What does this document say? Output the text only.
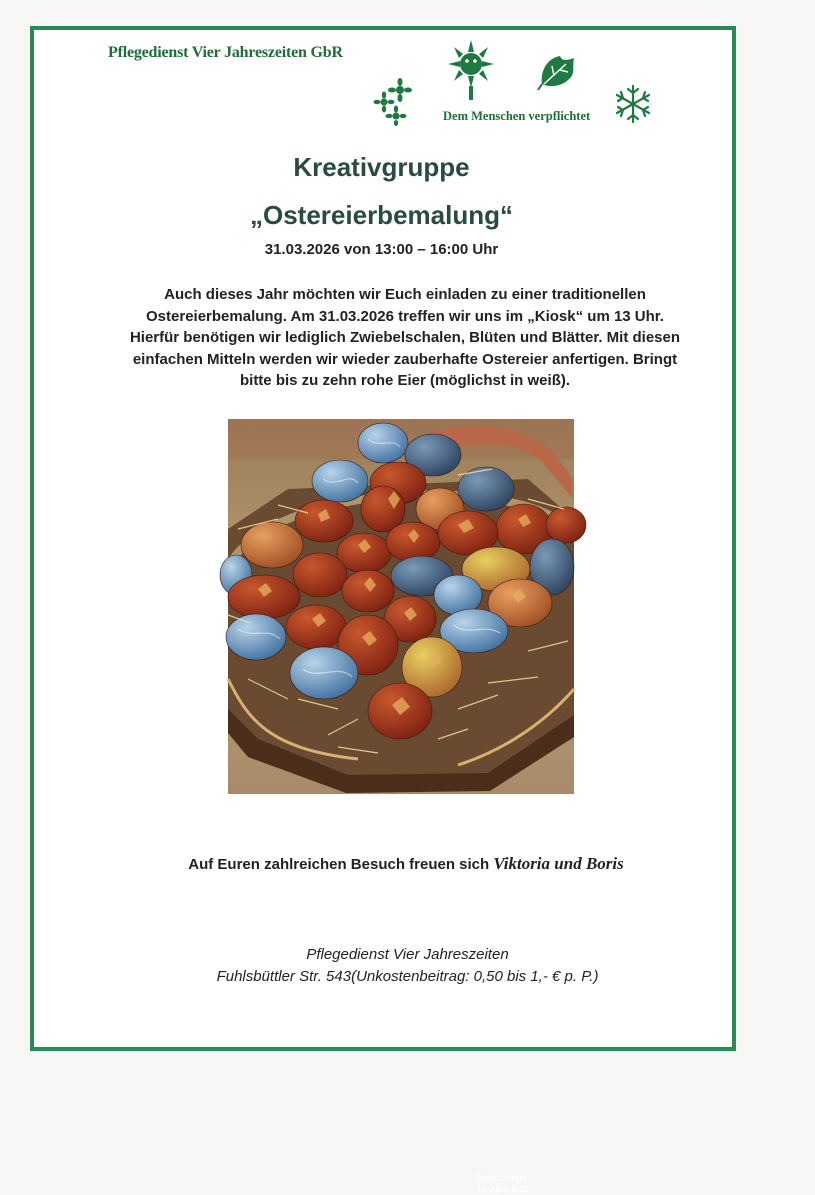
Pflegedienst Vier Jahreszeiten GbR
Dem Menschen verpflichtet
Kreativgruppe
„Ostereierbemalung“
31.03.2026 von 13:00 – 16:00 Uhr
Auch dieses Jahr möchten wir Euch einladen zu einer traditionellen Ostereierbemalung. Am 31.03.2026 treffen wir uns im „Kiosk“ um 13 Uhr. Hierfür benötigen wir lediglich Zwiebelschalen, Blüten und Blätter. Mit diesen einfachen Mitteln werden wir wieder zauberhafte Ostereier anfertigen. Bringt bitte bis zu zehn rohe Eier (möglichst in weiß).
Boris Livnjak
15. April 2025
Auf Euren zahlreichen Besuch freuen sich Viktoria und Boris
Pflegedienst Vier Jahreszeiten
Fuhlsbüttler Str. 543(Unkostenbeitrag: 0,50 bis 1,- € p. P.)
